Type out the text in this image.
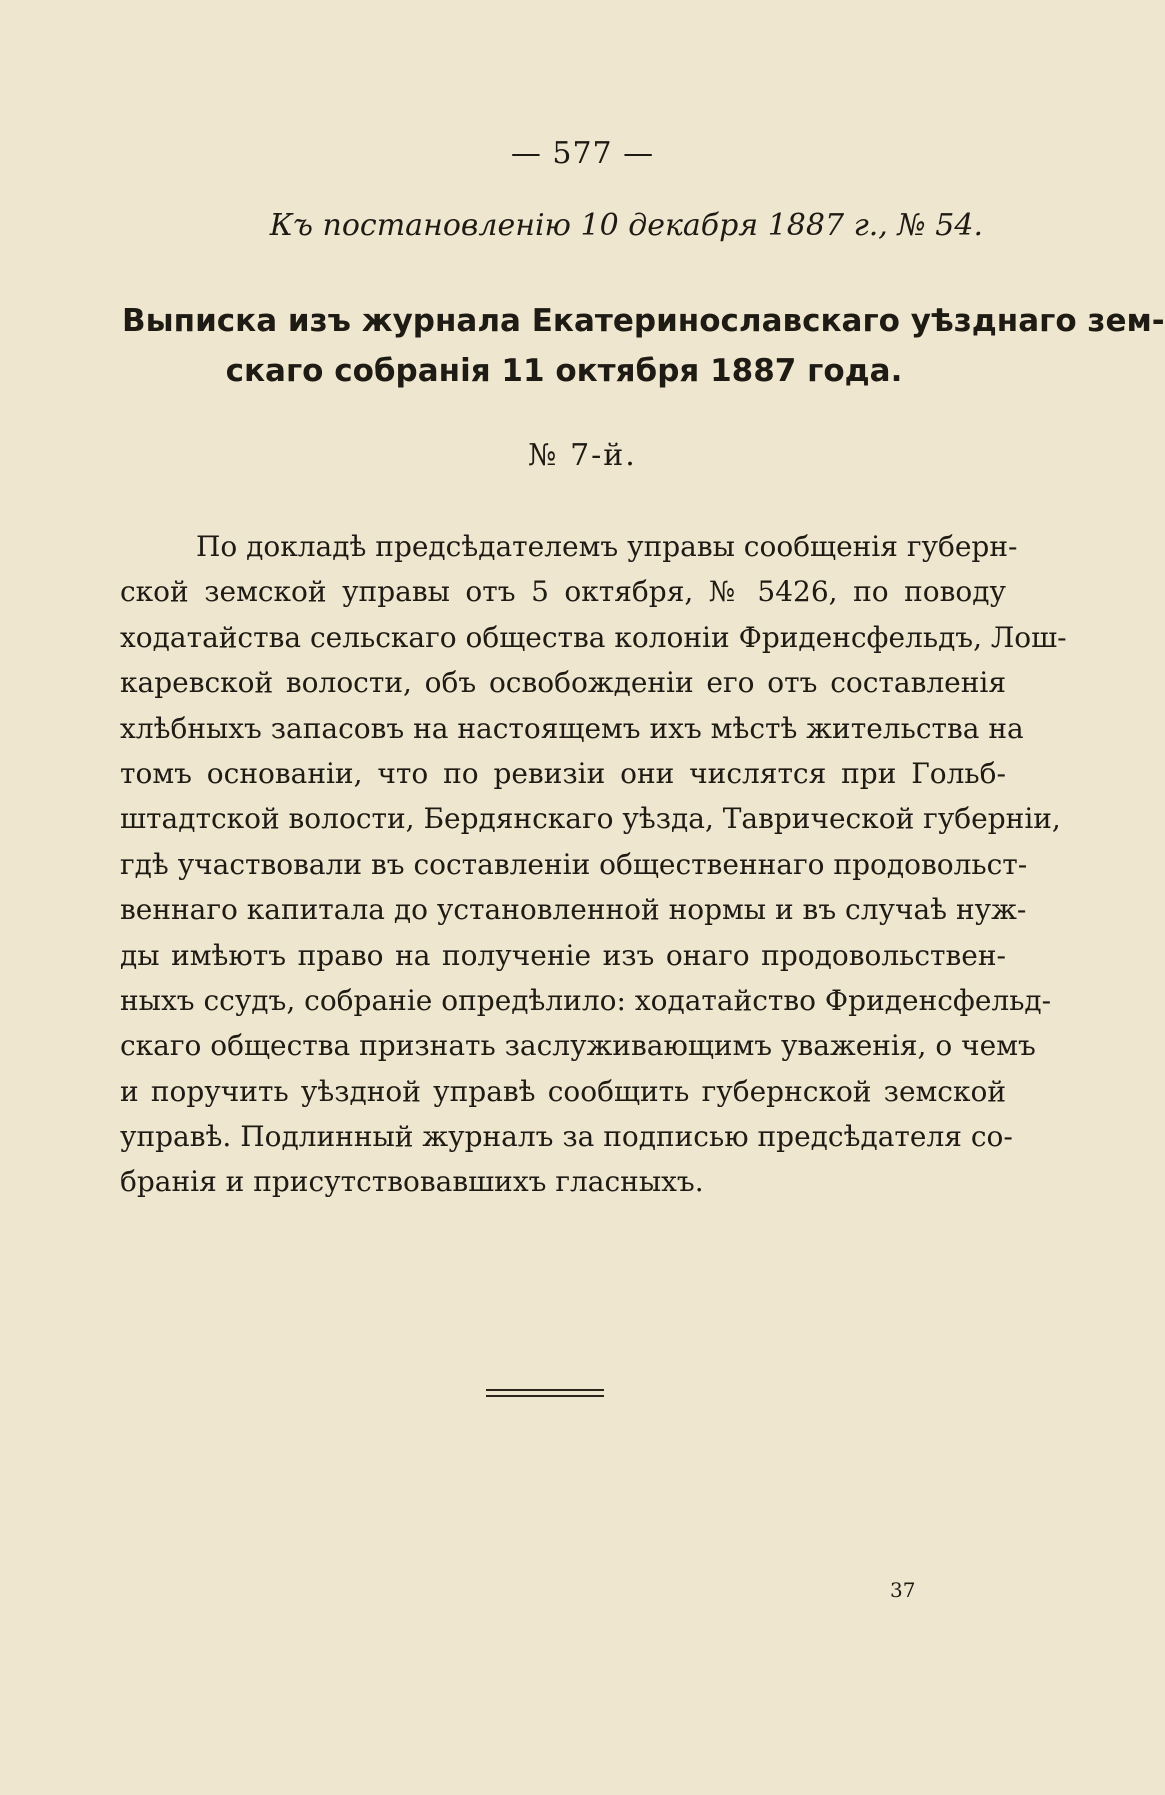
— 577 —
Къ постановленію 10 декабря 1887 г., № 54.
Выписка изъ журнала Екатеринославскаго уѣзднаго зем-
скаго собранія 11 октября 1887 года.
№ 7-й.
По докладѣ предсѣдателемъ управы сообщенія губерн-
ской земской управы отъ 5 октября, № 5426, по поводу
ходатайства сельскаго общества колоніи Фриденсфельдъ, Лош-
каревской волости, объ освобожденіи его отъ составленія
хлѣбныхъ запасовъ на настоящемъ ихъ мѣстѣ жительства на
томъ основаніи, что по ревизіи они числятся при Гольб-
штадтской волости, Бердянскаго уѣзда, Таврической губерніи,
гдѣ участвовали въ составленіи общественнаго продовольст-
веннаго капитала до установленной нормы и въ случаѣ нуж-
ды имѣютъ право на полученіе изъ онаго продовольствен-
ныхъ ссудъ, собраніе опредѣлило: ходатайство Фриденсфельд-
скаго общества признать заслуживающимъ уваженія, о чемъ
и поручить уѣздной управѣ сообщить губернской земской
управѣ. Подлинный журналъ за подписью предсѣдателя со-
бранія и присутствовавшихъ гласныхъ.
37
